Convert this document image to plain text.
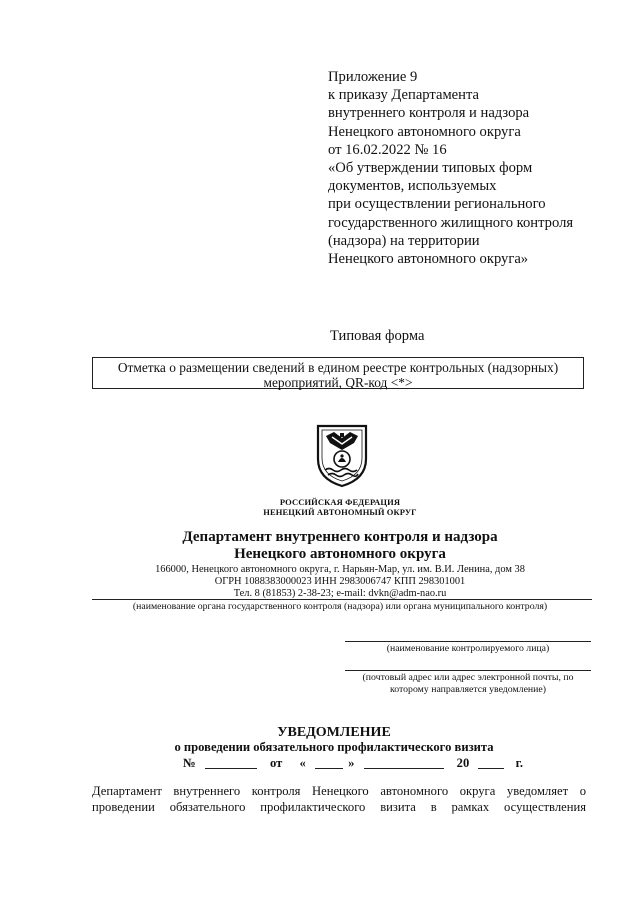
Приложение 9
к приказу Департамента
внутреннего контроля и надзора
Ненецкого автономного округа
от 16.02.2022 № 16
«Об утверждении типовых форм
документов, используемых
при осуществлении регионального
государственного жилищного контроля
(надзора) на территории
Ненецкого автономного округа»
Типовая форма
Отметка о размещении сведений в едином реестре контрольных (надзорных)
мероприятий, QR-код <*>
РОССИЙСКАЯ ФЕДЕРАЦИЯ
НЕНЕЦКИЙ АВТОНОМНЫЙ ОКРУГ
Департамент внутреннего контроля и надзора
Ненецкого автономного округа
166000, Ненецкого автономного округа, г. Нарьян-Мар, ул. им. В.И. Ленина, дом 38
ОГРН 1088383000023 ИНН 2983006747 КПП 298301001
Тел. 8 (81853) 2-38-23; e-mail: dvkn@adm-nao.ru
(наименование органа государственного контроля (надзора) или органа муниципального контроля)
(наименование контролируемого лица)
(почтовый адрес или адрес электронной почты, по
которому направляется уведомление)
УВЕДОМЛЕНИЕ
о проведении обязательного профилактического визита
№	от «	»	20	г.
Департамент внутреннего контроля Ненецкого автономного округа уведомляет о
проведении обязательного профилактического визита в рамках осуществления
